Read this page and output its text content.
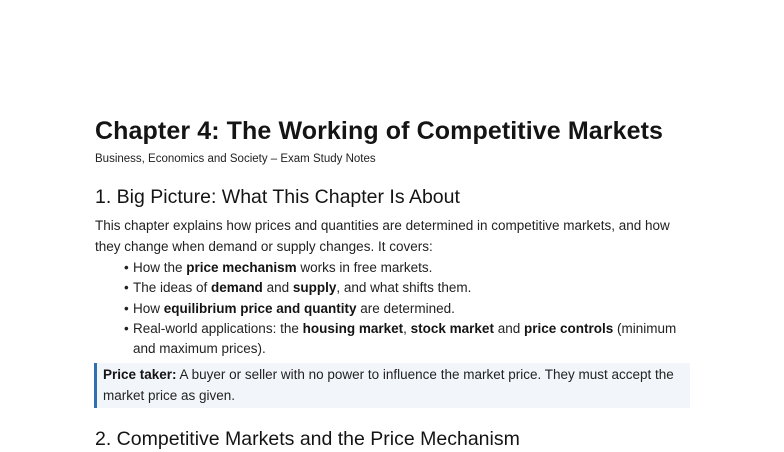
Chapter 4: The Working of Competitive Markets
Business, Economics and Society – Exam Study Notes
1. Big Picture: What This Chapter Is About

This chapter explains how prices and quantities are determined in competitive markets, and how they change when demand or supply changes. It covers:

• How the price mechanism works in free markets.
• The ideas of demand and supply, and what shifts them.
• How equilibrium price and quantity are determined.
• Real-world applications: the housing market, stock market and price controls (minimum and maximum prices).
Price taker: A buyer or seller with no power to influence the market price. They must accept the market price as given.
2. Competitive Markets and the Price Mechanism
